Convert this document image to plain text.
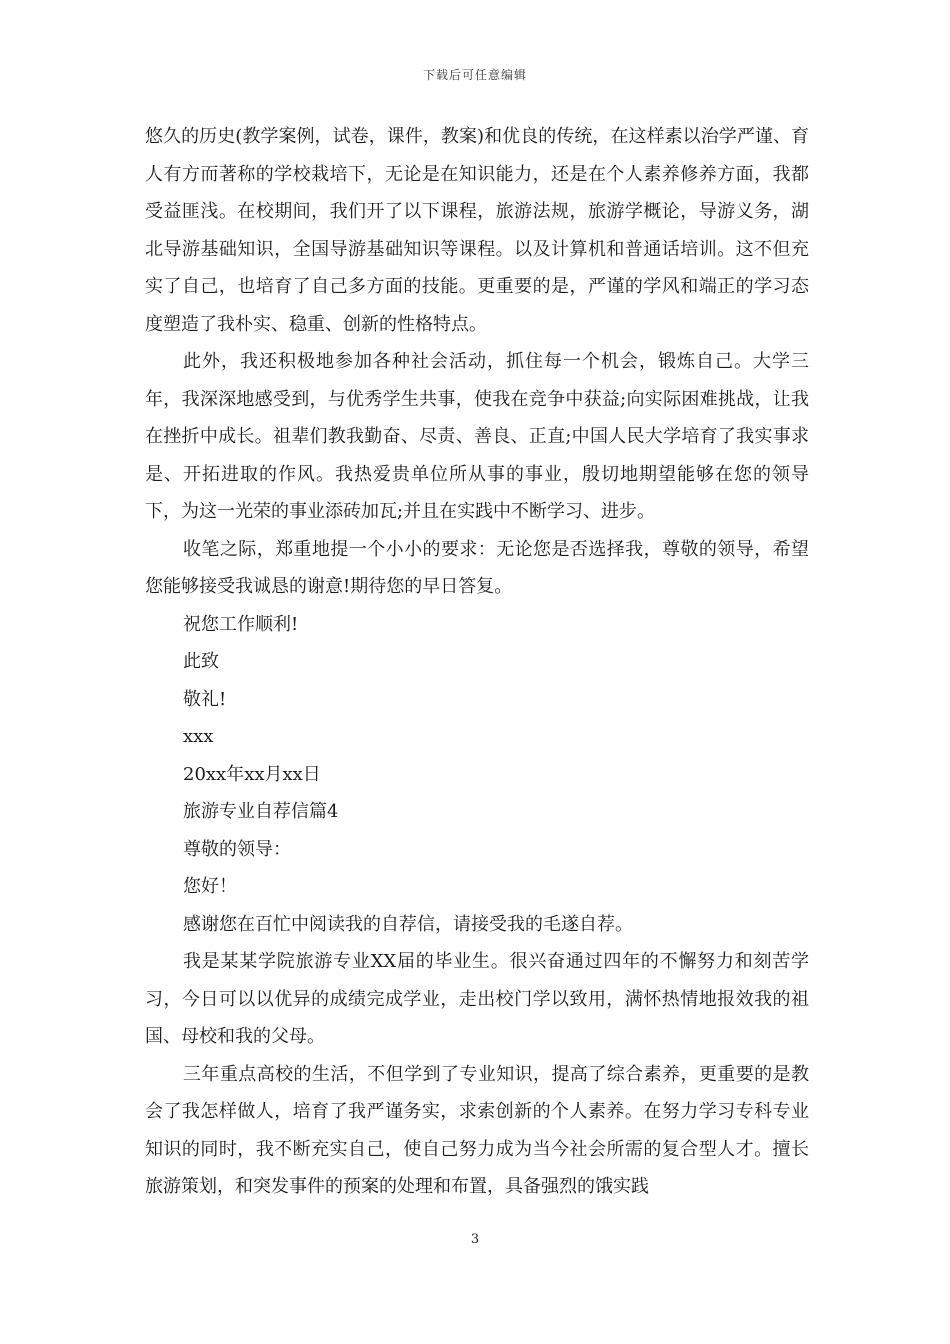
下载后可任意编辑

悠久的历史(教学案例，试卷，课件，教案)和优良的传统，在这样素以治学严谨、育人有方而著称的学校栽培下，无论是在知识能力，还是在个人素养修养方面，我都受益匪浅。在校期间，我们开了以下课程，旅游法规，旅游学概论，导游义务，湖北导游基础知识，全国导游基础知识等课程。以及计算机和普通话培训。这不但充实了自己，也培育了自己多方面的技能。更重要的是，严谨的学风和端正的学习态度塑造了我朴实、稳重、创新的性格特点。

此外，我还积极地参加各种社会活动，抓住每一个机会，锻炼自己。大学三年，我深深地感受到，与优秀学生共事，使我在竞争中获益;向实际困难挑战，让我在挫折中成长。祖辈们教我勤奋、尽责、善良、正直;中国人民大学培育了我实事求是、开拓进取的作风。我热爱贵单位所从事的事业，殷切地期望能够在您的领导下，为这一光荣的事业添砖加瓦;并且在实践中不断学习、进步。

收笔之际，郑重地提一个小小的要求：无论您是否选择我，尊敬的领导，希望您能够接受我诚恳的谢意!期待您的早日答复。

祝您工作顺利!

此致

敬礼!

xxx

20xx年xx月xx日

旅游专业自荐信篇4

尊敬的领导：

您好！

感谢您在百忙中阅读我的自荐信，请接受我的毛遂自荐。

我是某某学院旅游专业XX届的毕业生。很兴奋通过四年的不懈努力和刻苦学习，今日可以以优异的成绩完成学业，走出校门学以致用，满怀热情地报效我的祖国、母校和我的父母。

三年重点高校的生活，不但学到了专业知识，提高了综合素养，更重要的是教会了我怎样做人，培育了我严谨务实，求索创新的个人素养。在努力学习专科专业知识的同时，我不断充实自己，使自己努力成为当今社会所需的复合型人才。擅长旅游策划，和突发事件的预案的处理和布置，具备强烈的饿实践

3
